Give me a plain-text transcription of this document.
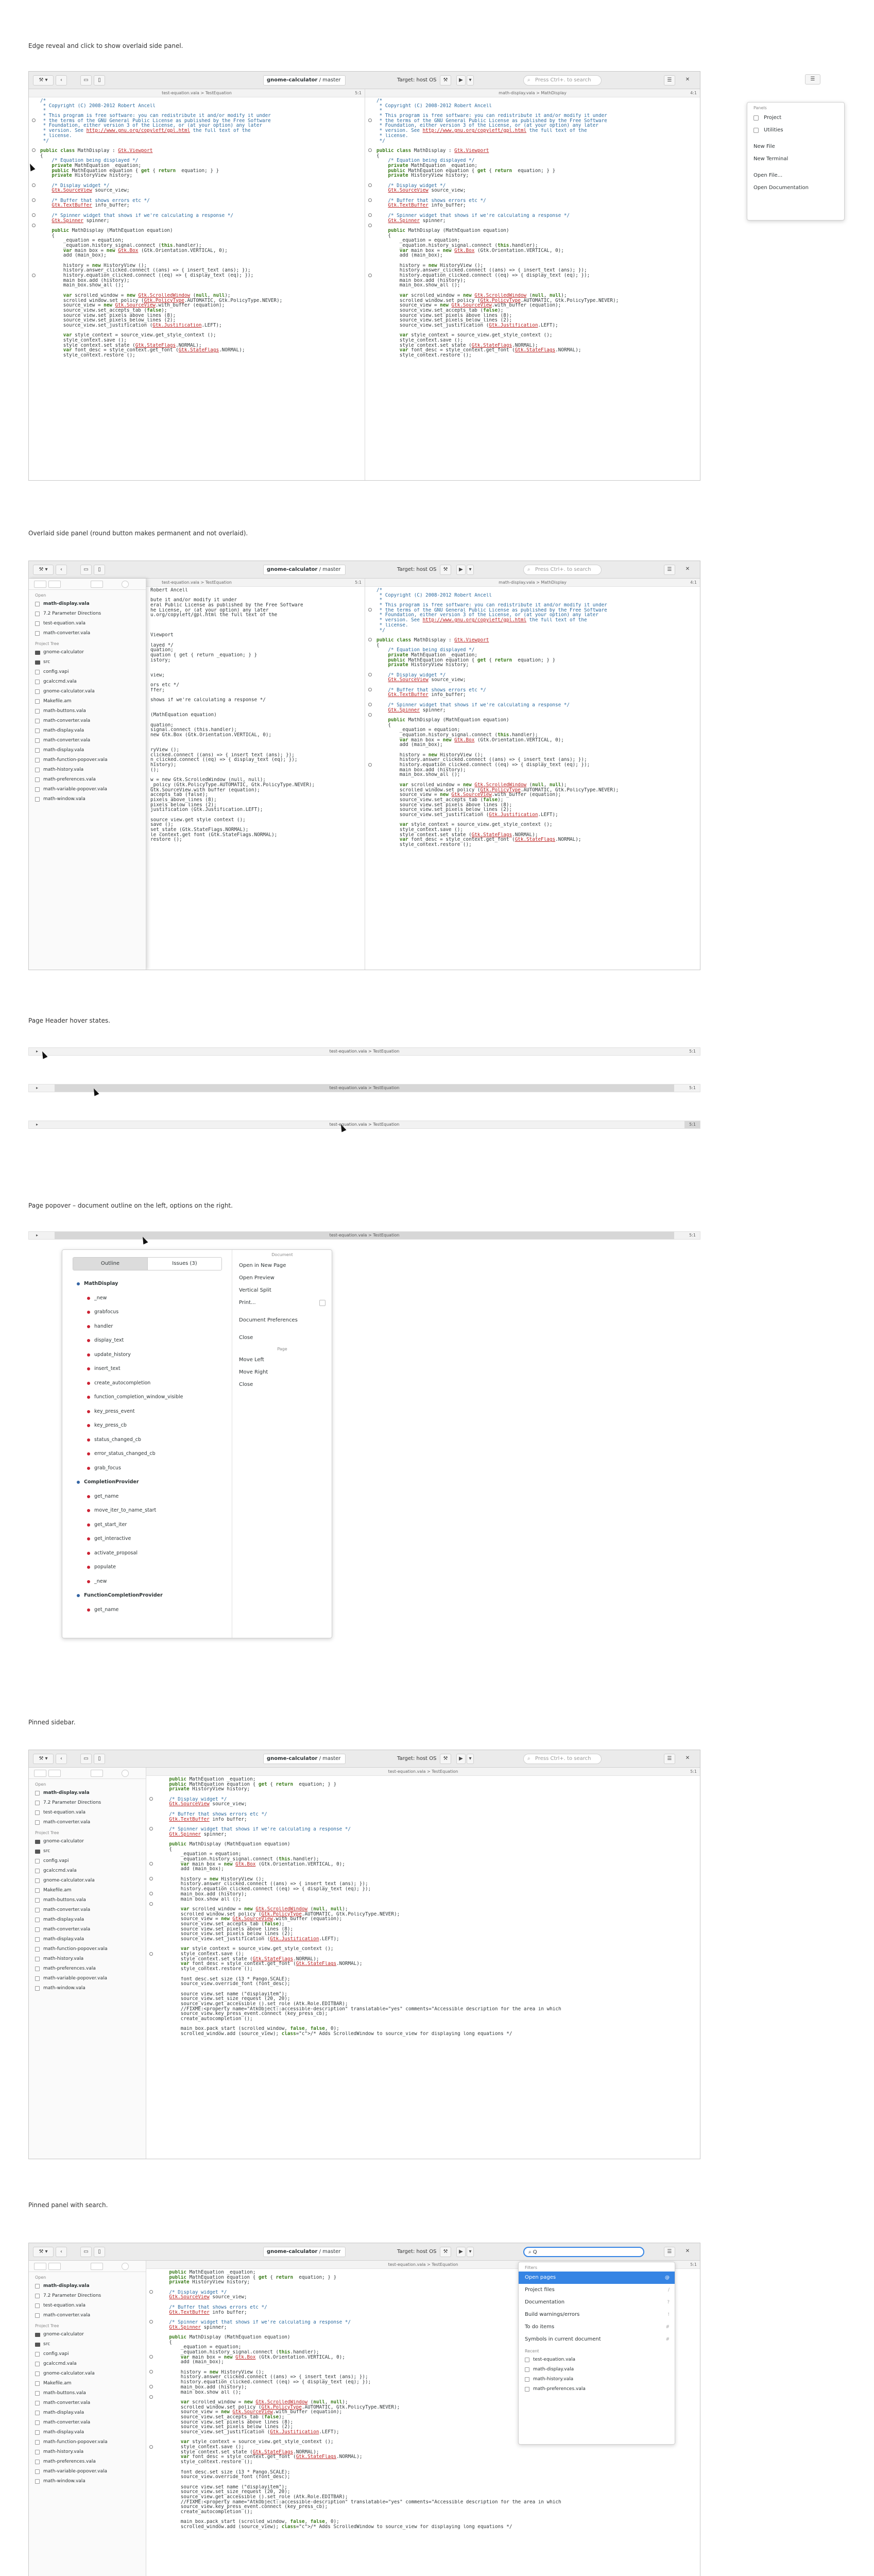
Edge reveal and click to show overlaid side panel.
Overlaid side panel (round button makes permanent and not overlaid).
Page Header hover states.
Page popover – document outline on the left, options on the right.
Pinned sidebar.
Pinned panel with search.
⚒ ▾	‹	▭	▯	gnome-calculator / master	Target: host OS	⚒	▶	▾	⌕ Press Ctrl+. to search	☰	✕
test-equation.vala > TestEquation	5:1
/*
* Copyright (C) 2008-2012 Robert Ancell
*
* This program is free software: you can redistribute it and/or modify it under
* the terms of the GNU General Public License as published by the Free Software
* Foundation, either version 3 of the License, or (at your option) any later
* version. See http://www.gnu.org/copyleft/gpl.html the full text of the
* license.
*/
public class MathDisplay : Gtk.Viewport
{
/* Equation being displayed */
private MathEquation _equation;
public MathEquation equation { get { return _equation; } }
private HistoryView history;
/* Display widget */
Gtk.SourceView source_view;
/* Buffer that shows errors etc */
Gtk.TextBuffer info_buffer;
/* Spinner widget that shows if we're calculating a response */
Gtk.Spinner spinner;
public MathDisplay (MathEquation equation)
{
_equation = equation;
_equation.history_signal.connect (this.handler);
var main_box = new Gtk.Box (Gtk.Orientation.VERTICAL, 0);
add (main_box);
history = new HistoryView ();
history.answer_clicked.connect ((ans) => { insert_text (ans); });
history.equation_clicked.connect ((eq) => { display_text (eq); });
main_box.add (history);
main_box.show_all ();
var scrolled_window = new Gtk.ScrolledWindow (null, null);
scrolled_window.set_policy (Gtk.PolicyType.AUTOMATIC, Gtk.PolicyType.NEVER);
source_view = new Gtk.SourceView.with_buffer (equation);
source_view.set_accepts_tab (false);
source_view.set_pixels_above_lines (8);
source_view.set_pixels_below_lines (2);
source_view.set_justification (Gtk.Justification.LEFT);
var style_context = source_view.get_style_context ();
style_context.save ();
style_context.set_state (Gtk.StateFlags.NORMAL);
var font_desc = style_context.get_font (Gtk.StateFlags.NORMAL);
style_context.restore ();
math-display.vala > MathDisplay	4:1
/*
* Copyright (C) 2008-2012 Robert Ancell
*
* This program is free software: you can redistribute it and/or modify it under
* the terms of the GNU General Public License as published by the Free Software
* Foundation, either version 3 of the License, or (at your option) any later
* version. See http://www.gnu.org/copyleft/gpl.html the full text of the
* license.
*/
public class MathDisplay : Gtk.Viewport
{
/* Equation being displayed */
private MathEquation _equation;
public MathEquation equation { get { return _equation; } }
private HistoryView history;
/* Display widget */
Gtk.SourceView source_view;
/* Buffer that shows errors etc */
Gtk.TextBuffer info_buffer;
/* Spinner widget that shows if we're calculating a response */
Gtk.Spinner spinner;
public MathDisplay (MathEquation equation)
{
_equation = equation;
_equation.history_signal.connect (this.handler);
var main_box = new Gtk.Box (Gtk.Orientation.VERTICAL, 0);
add (main_box);
history = new HistoryView ();
history.answer_clicked.connect ((ans) => { insert_text (ans); });
history.equation_clicked.connect ((eq) => { display_text (eq); });
main_box.add (history);
main_box.show_all ();
var scrolled_window = new Gtk.ScrolledWindow (null, null);
scrolled_window.set_policy (Gtk.PolicyType.AUTOMATIC, Gtk.PolicyType.NEVER);
source_view = new Gtk.SourceView.with_buffer (equation);
source_view.set_accepts_tab (false);
source_view.set_pixels_above_lines (8);
source_view.set_pixels_below_lines (2);
source_view.set_justification (Gtk.Justification.LEFT);
var style_context = source_view.get_style_context ();
style_context.save ();
style_context.set_state (Gtk.StateFlags.NORMAL);
var font_desc = style_context.get_font (Gtk.StateFlags.NORMAL);
style_context.restore ();
Panels
Project
Utilities
New File
New Terminal
Open File...
Open Documentation
☰
⚒ ▾	‹	▭	▯	gnome-calculator / master	Target: host OS	⚒	▶	▾	⌕ Press Ctrl+. to search	☰	✕
test-equation.vala > TestEquation	5:1
Robert Ancell
bute it and/or modify it under
eral Public License as published by the Free Software
he License, or (at your option) any later
u.org/copyleft/gpl.html the full text of the
Viewport
layed */
quation;
quation { get { return _equation; } }
istory;
view;
ors etc */
ffer;
shows if we're calculating a response */
(MathEquation equation)
quation;
signal.connect (this.handler);
new Gtk.Box (Gtk.Orientation.VERTICAL, 0);
ryView ();
clicked.connect ((ans) => { insert_text (ans); });
n_clicked.connect ((eq) => { display_text (eq); });
history);
();
w = new Gtk.ScrolledWindow (null, null);
_policy (Gtk.PolicyType.AUTOMATIC, Gtk.PolicyType.NEVER);
Gtk.SourceView.with_buffer (equation);
accepts_tab (false);
pixels_above_lines (8);
pixels_below_lines (2);
justification (Gtk.Justification.LEFT);
source_view.get_style_context ();
save ();
set_state (Gtk.StateFlags.NORMAL);
le_context.get_font (Gtk.StateFlags.NORMAL);
restore ();
math-display.vala > MathDisplay	4:1
/*
* Copyright (C) 2008-2012 Robert Ancell
*
* This program is free software: you can redistribute it and/or modify it under
* the terms of the GNU General Public License as published by the Free Software
* Foundation, either version 3 of the License, or (at your option) any later
* version. See http://www.gnu.org/copyleft/gpl.html the full text of the
* license.
*/
public class MathDisplay : Gtk.Viewport
{
/* Equation being displayed */
private MathEquation _equation;
public MathEquation equation { get { return _equation; } }
private HistoryView history;
/* Display widget */
Gtk.SourceView source_view;
/* Buffer that shows errors etc */
Gtk.TextBuffer info_buffer;
/* Spinner widget that shows if we're calculating a response */
Gtk.Spinner spinner;
public MathDisplay (MathEquation equation)
{
_equation = equation;
_equation.history_signal.connect (this.handler);
var main_box = new Gtk.Box (Gtk.Orientation.VERTICAL, 0);
add (main_box);
history = new HistoryView ();
history.answer_clicked.connect ((ans) => { insert_text (ans); });
history.equation_clicked.connect ((eq) => { display_text (eq); });
main_box.add (history);
main_box.show_all ();
var scrolled_window = new Gtk.ScrolledWindow (null, null);
scrolled_window.set_policy (Gtk.PolicyType.AUTOMATIC, Gtk.PolicyType.NEVER);
source_view = new Gtk.SourceView.with_buffer (equation);
source_view.set_accepts_tab (false);
source_view.set_pixels_above_lines (8);
source_view.set_pixels_below_lines (2);
source_view.set_justification (Gtk.Justification.LEFT);
var style_context = source_view.get_style_context ();
style_context.save ();
style_context.set_state (Gtk.StateFlags.NORMAL);
var font_desc = style_context.get_font (Gtk.StateFlags.NORMAL);
style_context.restore ();
Open
math-display.vala
7.2 Parameter Directions
test-equation.vala
math-converter.vala
Project Tree
gnome-calculator
src
config.vapi
gcalccmd.vala
gnome-calculator.vala
Makefile.am
math-buttons.vala
math-converter.vala
math-display.vala
math-converter.vala
math-display.vala
math-function-popover.vala
math-history.vala
math-preferences.vala
math-variable-popover.vala
math-window.vala
▸	test-equation.vala > TestEquation	5:1
▸	test-equation.vala > TestEquation	5:1
▸	test-equation.vala > TestEquation	5:1
▸	test-equation.vala > TestEquation	5:1
Outline	Issues (3)
MathDisplay
_new
grabfocus
handler
display_text
update_history
insert_text
create_autocompletion
function_completion_window_visible
key_press_event
key_press_cb
status_changed_cb
error_status_changed_cb
grab_focus
CompletionProvider
get_name
move_iter_to_name_start
get_start_iter
get_interactive
activate_proposal
populate
_new
FunctionCompletionProvider
get_name
Document
Open in New Page
Open Preview
Vertical Split
Print...
Document Preferences
Close
Page
Move Left
Move Right
Close
⚒ ▾	‹	▭	▯	gnome-calculator / master	Target: host OS	⚒	▶	▾	⌕ Press Ctrl+. to search	☰	✕
Open
math-display.vala
7.2 Parameter Directions
test-equation.vala
math-converter.vala
Project Tree
gnome-calculator
src
config.vapi
gcalccmd.vala
gnome-calculator.vala
Makefile.am
math-buttons.vala
math-converter.vala
math-display.vala
math-converter.vala
math-display.vala
math-function-popover.vala
math-history.vala
math-preferences.vala
math-variable-popover.vala
math-window.vala
test-equation.vala > TestEquation	5:1
public MathEquation _equation;
public MathEquation equation { get { return _equation; } }
private HistoryView history;
/* Display widget */
Gtk.SourceView source_view;
/* Buffer that shows errors etc */
Gtk.TextBuffer info_buffer;
/* Spinner widget that shows if we're calculating a response */
Gtk.Spinner spinner;
public MathDisplay (MathEquation equation)
{
_equation = equation;
_equation.history_signal.connect (this.handler);
var main_box = new Gtk.Box (Gtk.Orientation.VERTICAL, 0);
add (main_box);
history = new HistoryView ();
history.answer_clicked.connect ((ans) => { insert_text (ans); });
history.equation_clicked.connect ((eq) => { display_text (eq); });
main_box.add (history);
main_box.show_all ();
var scrolled_window = new Gtk.ScrolledWindow (null, null);
scrolled_window.set_policy (Gtk.PolicyType.AUTOMATIC, Gtk.PolicyType.NEVER);
source_view = new Gtk.SourceView.with_buffer (equation);
source_view.set_accepts_tab (false);
source_view.set_pixels_above_lines (8);
source_view.set_pixels_below_lines (2);
source_view.set_justification (Gtk.Justification.LEFT);
var style_context = source_view.get_style_context ();
style_context.save ();
style_context.set_state (Gtk.StateFlags.NORMAL);
var font_desc = style_context.get_font (Gtk.StateFlags.NORMAL);
style_context.restore ();
font_desc.set_size (13 * Pango.SCALE);
source_view.override_font (font_desc);
source_view.set_name ("displayitem");
source_view.set_size_request (20, 20);
source_view.get_accessible ().set_role (Atk.Role.EDITBAR);
//FIXME:<property name="AtkObject::accessible-description" translatable="yes" comments="Accessible description for the area in which
source_view.key_press_event.connect (key_press_cb);
create_autocompletion ();
main_box.pack_start (scrolled_window, false, false, 0);
scrolled_window.add (source_view); class="c">/* Adds ScrolledWindow to source_view for displaying long equations */
⚒ ▾	‹	▭	▯	gnome-calculator / master	Target: host OS	⚒	▶	▾	⌕ Q	☰	✕
Open
math-display.vala
7.2 Parameter Directions
test-equation.vala
math-converter.vala
Project Tree
gnome-calculator
src
config.vapi
gcalccmd.vala
gnome-calculator.vala
Makefile.am
math-buttons.vala
math-converter.vala
math-display.vala
math-converter.vala
math-display.vala
math-function-popover.vala
math-history.vala
math-preferences.vala
math-variable-popover.vala
math-window.vala
test-equation.vala > TestEquation	5:1
public MathEquation _equation;
public MathEquation equation { get { return _equation; } }
private HistoryView history;
/* Display widget */
Gtk.SourceView source_view;
/* Buffer that shows errors etc */
Gtk.TextBuffer info_buffer;
/* Spinner widget that shows if we're calculating a response */
Gtk.Spinner spinner;
public MathDisplay (MathEquation equation)
{
_equation = equation;
_equation.history_signal.connect (this.handler);
var main_box = new Gtk.Box (Gtk.Orientation.VERTICAL, 0);
add (main_box);
history = new HistoryView ();
history.answer_clicked.connect ((ans) => { insert_text (ans); });
history.equation_clicked.connect ((eq) => { display_text (eq); });
main_box.add (history);
main_box.show_all ();
var scrolled_window = new Gtk.ScrolledWindow (null, null);
scrolled_window.set_policy (Gtk.PolicyType.AUTOMATIC, Gtk.PolicyType.NEVER);
source_view = new Gtk.SourceView.with_buffer (equation);
source_view.set_accepts_tab (false);
source_view.set_pixels_above_lines (8);
source_view.set_pixels_below_lines (2);
source_view.set_justification (Gtk.Justification.LEFT);
var style_context = source_view.get_style_context ();
style_context.save ();
style_context.set_state (Gtk.StateFlags.NORMAL);
var font_desc = style_context.get_font (Gtk.StateFlags.NORMAL);
style_context.restore ();
font_desc.set_size (13 * Pango.SCALE);
source_view.override_font (font_desc);
source_view.set_name ("displayitem");
source_view.set_size_request (20, 20);
source_view.get_accessible ().set_role (Atk.Role.EDITBAR);
//FIXME:<property name="AtkObject::accessible-description" translatable="yes" comments="Accessible description for the area in which
source_view.key_press_event.connect (key_press_cb);
create_autocompletion ();
main_box.pack_start (scrolled_window, false, false, 0);
scrolled_window.add (source_view); class="c">/* Adds ScrolledWindow to source_view for displaying long equations */
Filters
Open pages	@
Project files	/
Documentation	?
Build warnings/errors	!
To do items	#
Symbols in current document	#
Recent
test-equation.vala
math-display.vala
math-history.vala
math-preferences.vala
